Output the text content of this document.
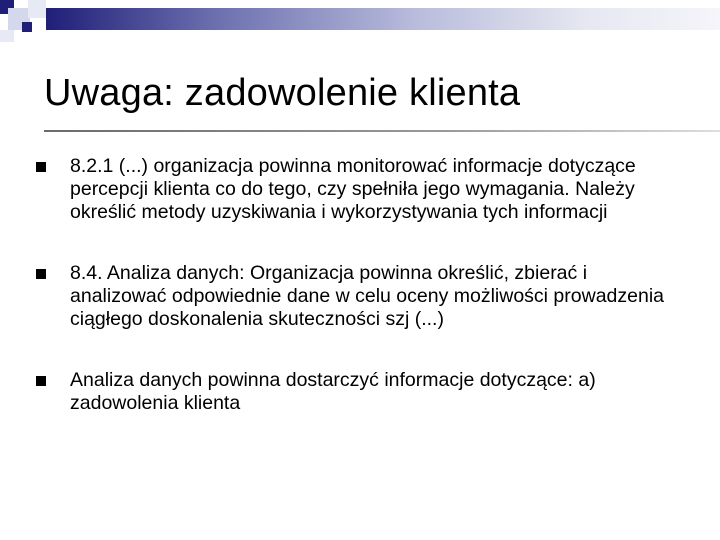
Uwaga: zadowolenie klienta
8.2.1 (...) organizacja powinna monitorować informacje dotyczące percepcji klienta co do tego, czy spełniła jego wymagania. Należy określić metody uzyskiwania i wykorzystywania tych informacji
8.4. Analiza danych: Organizacja powinna określić, zbierać i analizować odpowiednie dane w celu oceny możliwości prowadzenia ciągłego doskonalenia skuteczności szj (...)
Analiza danych powinna dostarczyć informacje dotyczące: a) zadowolenia klienta
